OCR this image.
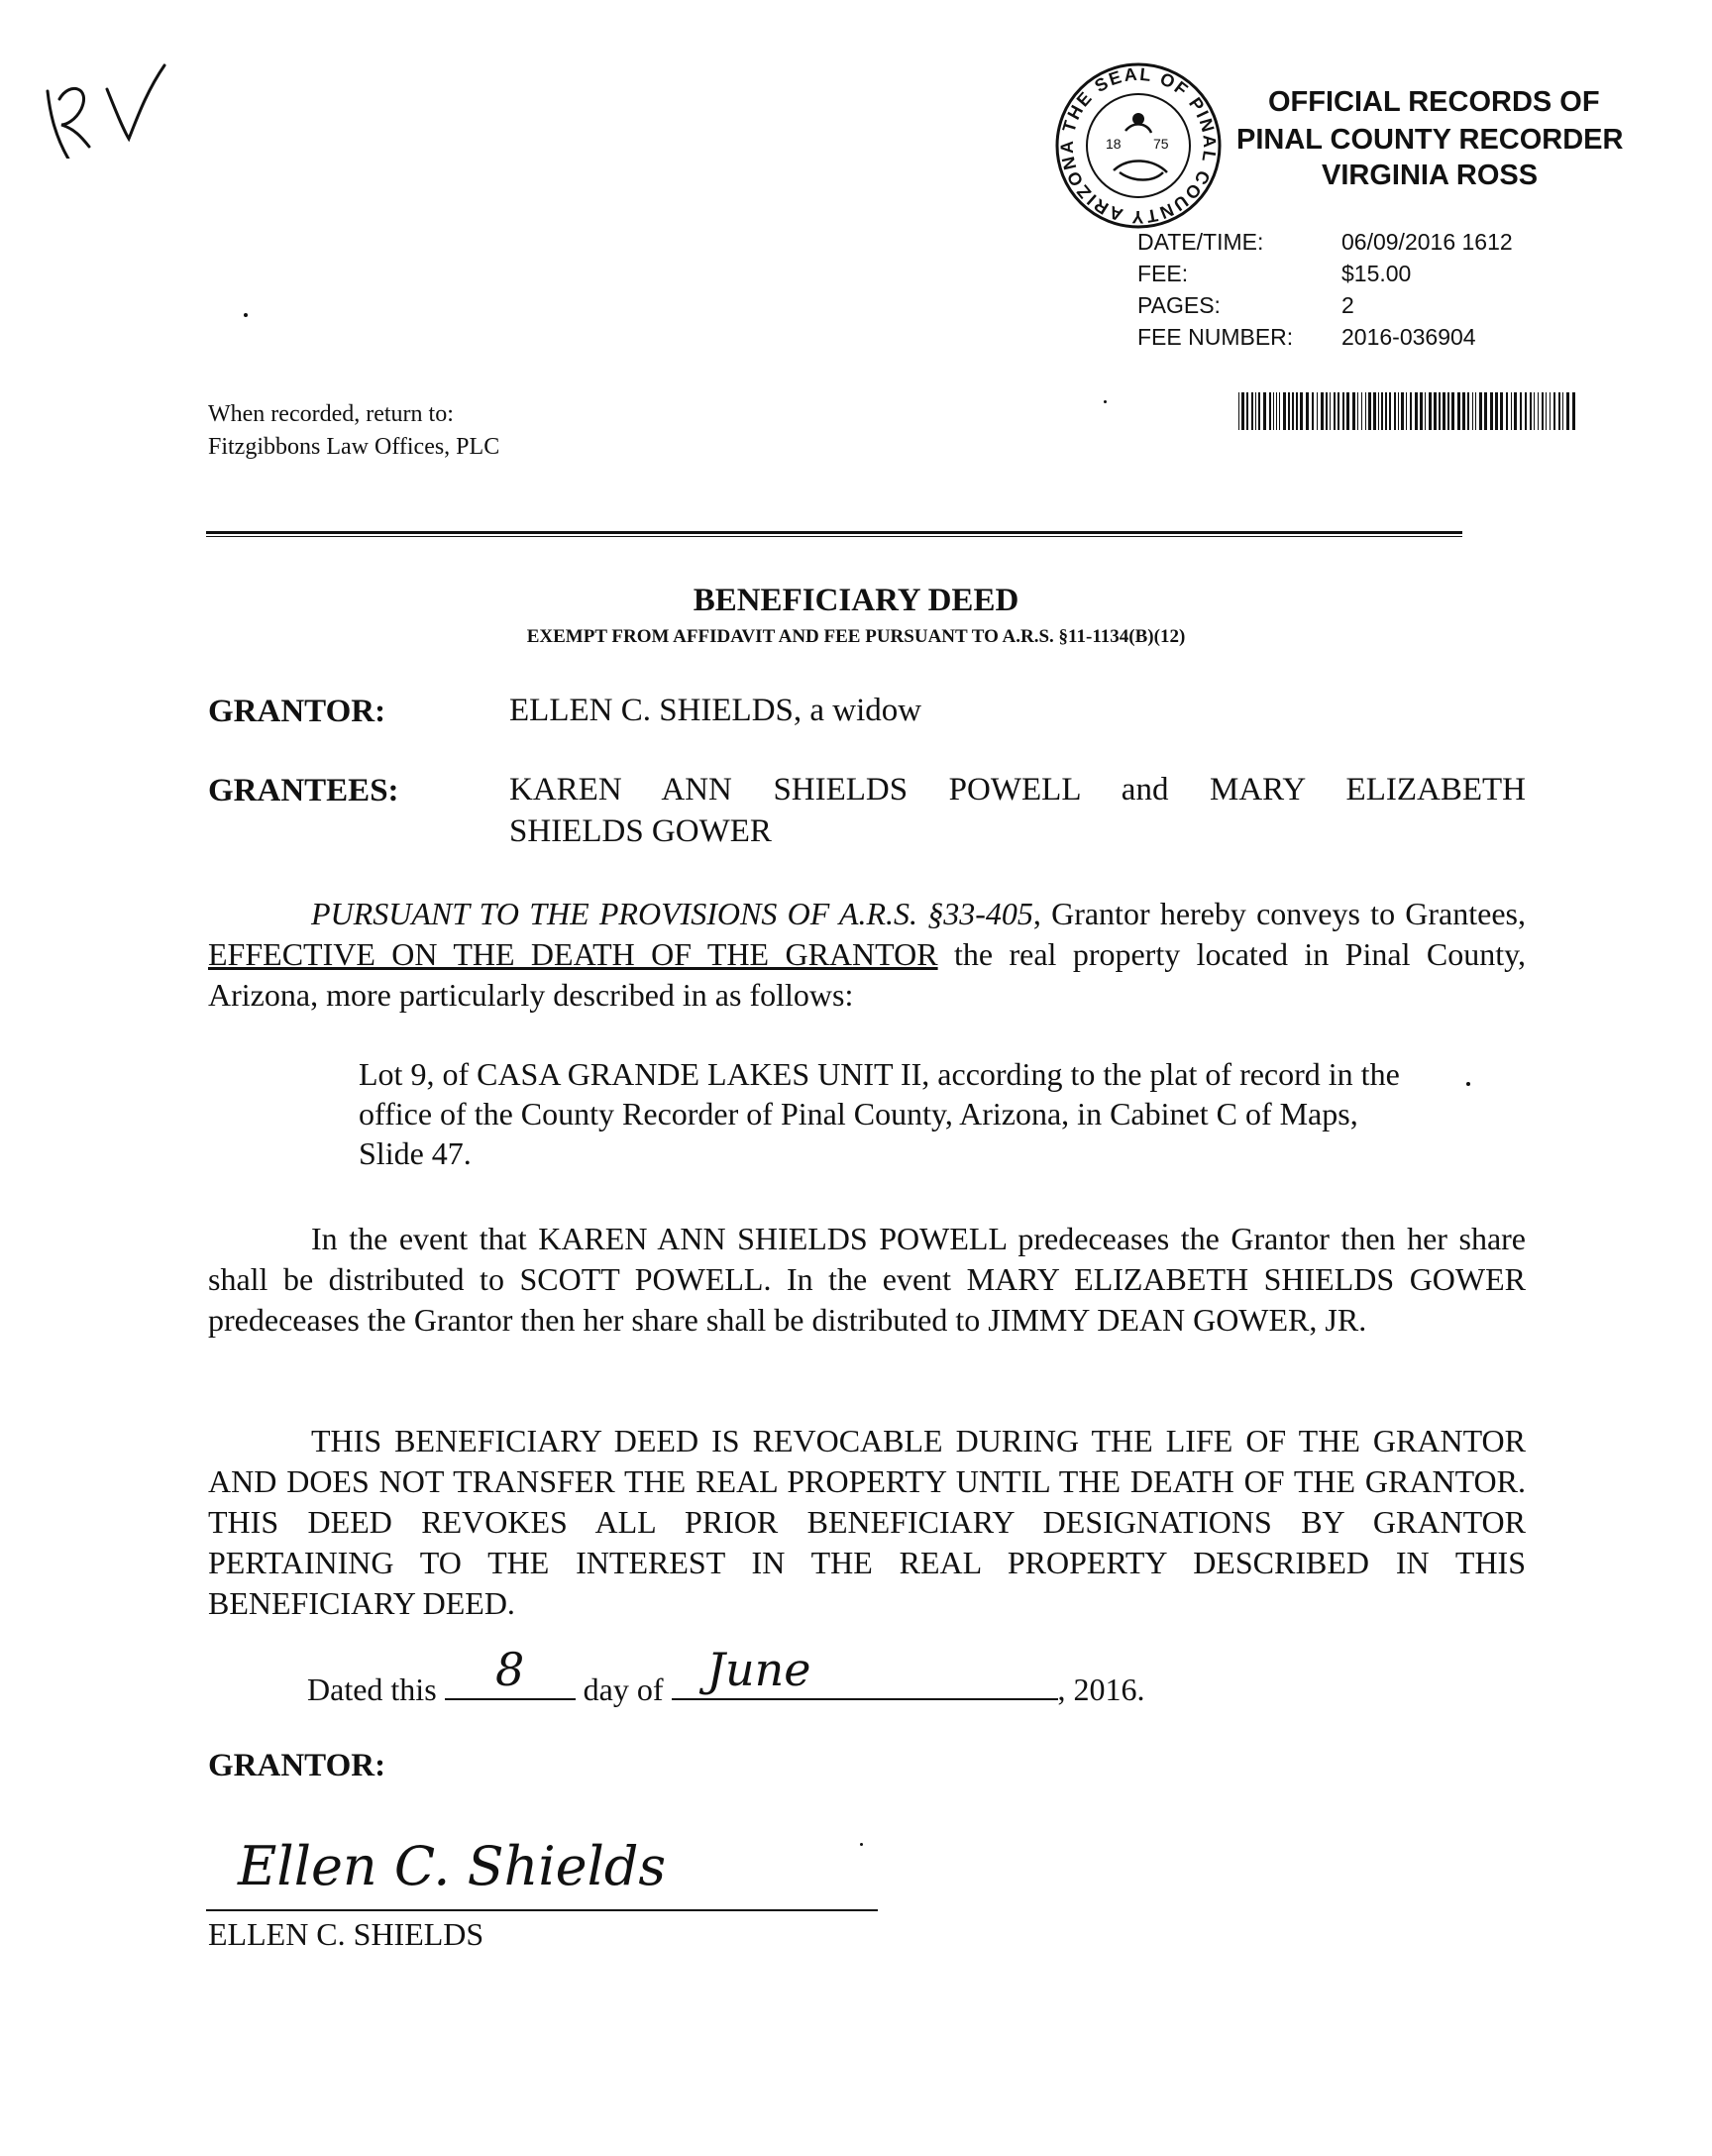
RV
THE SEAL OF PINAL COUNTY ARIZONA	18 75
OFFICIAL RECORDS OF
PINAL COUNTY RECORDER
VIRGINIA ROSS
DATE/TIME:	06/09/2016 1612
FEE:	$15.00
PAGES:	2
FEE NUMBER:	2016-036904
When recorded, return to:
Fitzgibbons Law Offices, PLC
BENEFICIARY DEED
EXEMPT FROM AFFIDAVIT AND FEE PURSUANT TO A.R.S. §11-1134(B)(12)
GRANTOR:	ELLEN C. SHIELDS, a widow
GRANTEES:	KAREN ANN SHIELDS POWELL and MARY ELIZABETH
SHIELDS GOWER
PURSUANT TO THE PROVISIONS OF A.R.S. §33-405, Grantor hereby conveys to Grantees, EFFECTIVE ON THE DEATH OF THE GRANTOR the real property located in Pinal County, Arizona, more particularly described in as follows:
Lot 9, of CASA GRANDE LAKES UNIT II, according to the plat of record in the office of the County Recorder of Pinal County, Arizona, in Cabinet C of Maps, Slide 47.
In the event that KAREN ANN SHIELDS POWELL predeceases the Grantor then her share shall be distributed to SCOTT POWELL. In the event MARY ELIZABETH SHIELDS GOWER predeceases the Grantor then her share shall be distributed to JIMMY DEAN GOWER, JR.
THIS BENEFICIARY DEED IS REVOCABLE DURING THE LIFE OF THE GRANTOR AND DOES NOT TRANSFER THE REAL PROPERTY UNTIL THE DEATH OF THE GRANTOR. THIS DEED REVOKES ALL PRIOR BENEFICIARY DESIGNATIONS BY GRANTOR PERTAINING TO THE INTEREST IN THE REAL PROPERTY DESCRIBED IN THIS BENEFICIARY DEED.
Dated this	8	day of June	, 2016.
GRANTOR:
Ellen C. Shields
ELLEN C. SHIELDS
